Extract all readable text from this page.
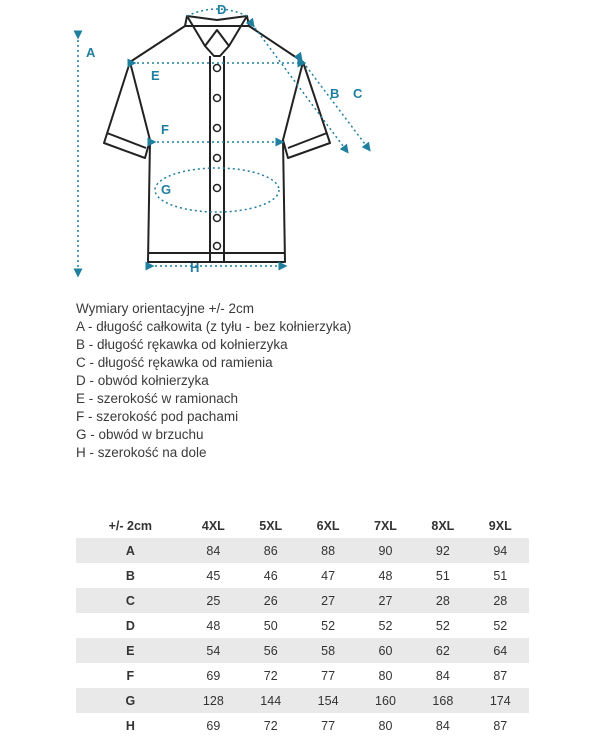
A
B C
D
E
F
G
H
Wymiary orientacyjne +/- 2cm
A - długość całkowita (z tyłu - bez kołnierzyka)
B - długość rękawka od kołnierzyka
C - długość rękawka od ramienia
D - obwód kołnierzyka
E - szerokość w ramionach
F - szerokość pod pachami
G - obwód w brzuchu
H - szerokość na dole
+/- 2cm	4XL	5XL	6XL	7XL	8XL	9XL
A	84	86	88	90	92	94
B	45	46	47	48	51	51
C	25	26	27	27	28	28
D	48	50	52	52	52	52
E	54	56	58	60	62	64
F	69	72	77	80	84	87
G	128	144	154	160	168	174
H	69	72	77	80	84	87
